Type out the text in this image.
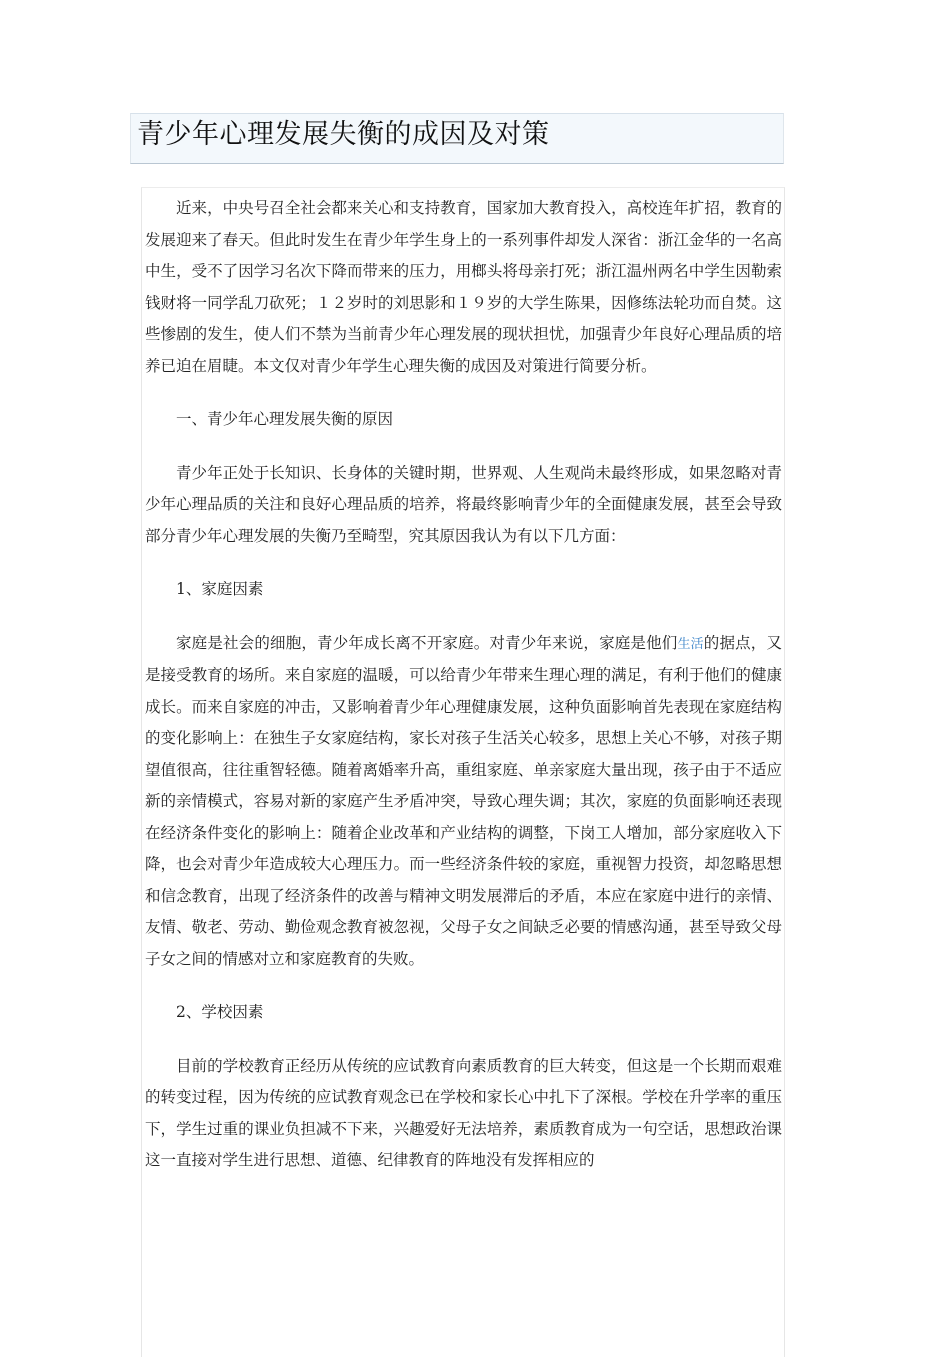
青少年心理发展失衡的成因及对策

近来，中央号召全社会都来关心和支持教育，国家加大教育投入，高校连年扩招，教育的发展迎来了春天。但此时发生在青少年学生身上的一系列事件却发人深省：浙江金华的一名高中生，受不了因学习名次下降而带来的压力，用榔头将母亲打死；浙江温州两名中学生因勒索钱财将一同学乱刀砍死；１２岁时的刘思影和１９岁的大学生陈果，因修练法轮功而自焚。这些惨剧的发生，使人们不禁为当前青少年心理发展的现状担忧，加强青少年良好心理品质的培养已迫在眉睫。本文仅对青少年学生心理失衡的成因及对策进行简要分析。

一、青少年心理发展失衡的原因

青少年正处于长知识、长身体的关键时期，世界观、人生观尚未最终形成，如果忽略对青少年心理品质的关注和良好心理品质的培养，将最终影响青少年的全面健康发展，甚至会导致部分青少年心理发展的失衡乃至畸型，究其原因我认为有以下几方面：

1、家庭因素

家庭是社会的细胞，青少年成长离不开家庭。对青少年来说，家庭是他们生活的据点，又是接受教育的场所。来自家庭的温暖，可以给青少年带来生理心理的满足，有利于他们的健康成长。而来自家庭的冲击，又影响着青少年心理健康发展，这种负面影响首先表现在家庭结构的变化影响上：在独生子女家庭结构，家长对孩子生活关心较多，思想上关心不够，对孩子期望值很高，往往重智轻德。随着离婚率升高，重组家庭、单亲家庭大量出现，孩子由于不适应新的亲情模式，容易对新的家庭产生矛盾冲突，导致心理失调；其次，家庭的负面影响还表现在经济条件变化的影响上：随着企业改革和产业结构的调整，下岗工人增加，部分家庭收入下降，也会对青少年造成较大心理压力。而一些经济条件较的家庭，重视智力投资，却忽略思想和信念教育，出现了经济条件的改善与精神文明发展滞后的矛盾，本应在家庭中进行的亲情、友情、敬老、劳动、勤俭观念教育被忽视，父母子女之间缺乏必要的情感沟通，甚至导致父母子女之间的情感对立和家庭教育的失败。

2、学校因素

目前的学校教育正经历从传统的应试教育向素质教育的巨大转变，但这是一个长期而艰难的转变过程，因为传统的应试教育观念已在学校和家长心中扎下了深根。学校在升学率的重压下，学生过重的课业负担减不下来，兴趣爱好无法培养，素质教育成为一句空话，思想政治课这一直接对学生进行思想、道德、纪律教育的阵地没有发挥相应的
